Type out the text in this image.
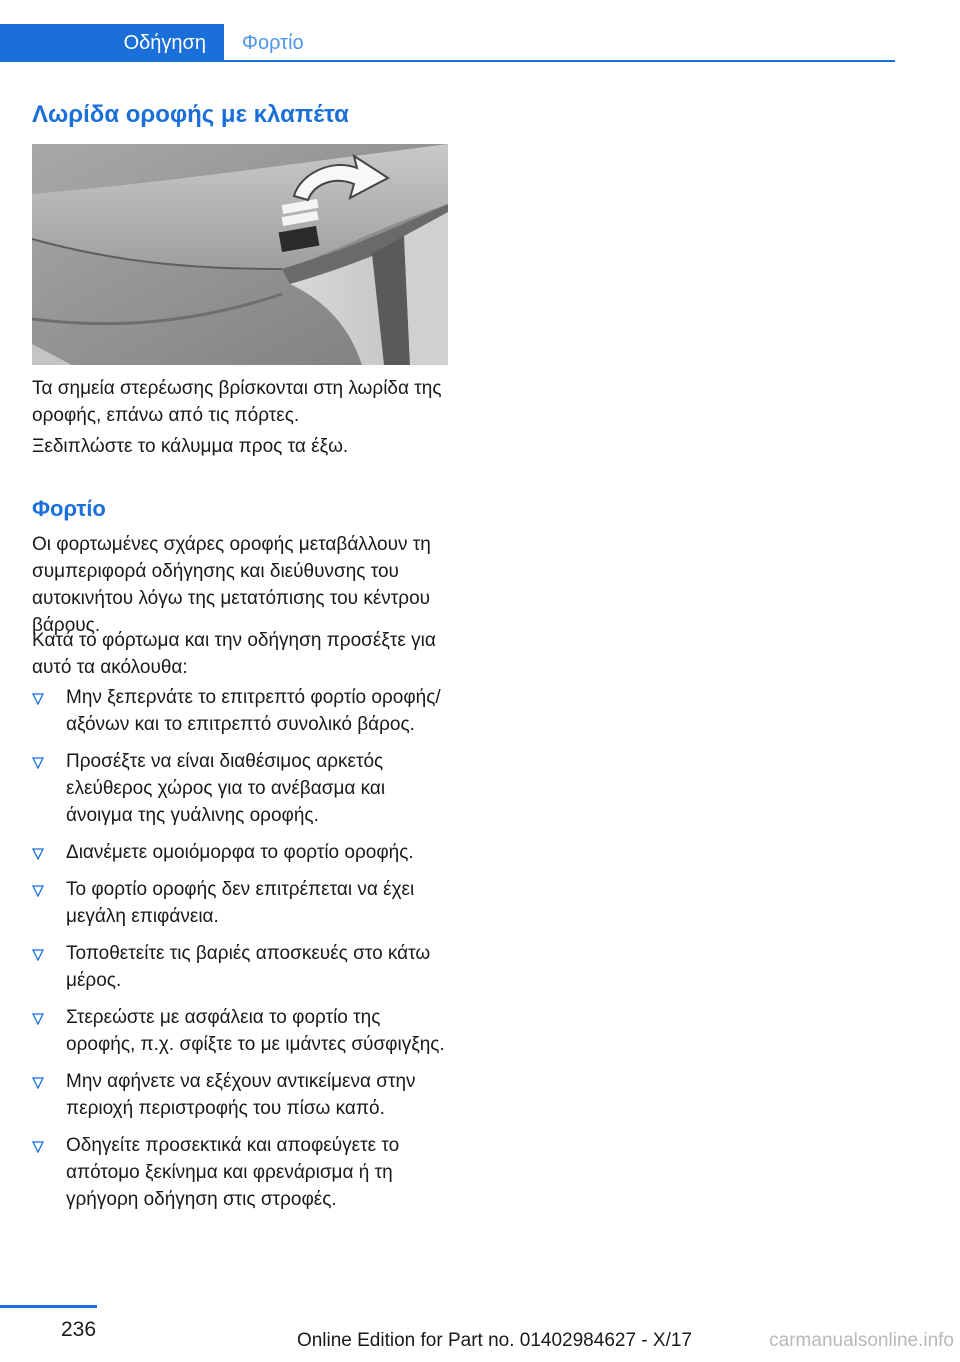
Οδήγηση	Φορτίο
Λωρίδα οροφής με κλαπέτα

Τα σημεία στερέωσης βρίσκονται στη λωρίδα της οροφής, επάνω από τις πόρτες.

Ξεδιπλώστε το κάλυμμα προς τα έξω.

Φορτίο

Οι φορτωμένες σχάρες οροφής μεταβάλλουν τη συμπεριφορά οδήγησης και διεύθυνσης του αυτοκινήτου λόγω της μετατόπισης του κέντρου βάρους.

Κατά το φόρτωμα και την οδήγηση προσέξτε για αυτό τα ακόλουθα:

Μην ξεπερνάτε το επιτρεπτό φορτίο οροφής/αξόνων και το επιτρεπτό συνολικό βάρος.
Προσέξτε να είναι διαθέσιμος αρκετός ελεύθερος χώρος για το ανέβασμα και άνοιγμα της γυάλινης οροφής.
Διανέμετε ομοιόμορφα το φορτίο οροφής.
Το φορτίο οροφής δεν επιτρέπεται να έχει μεγάλη επιφάνεια.
Τοποθετείτε τις βαριές αποσκευές στο κάτω μέρος.
Στερεώστε με ασφάλεια το φορτίο της οροφής, π.χ. σφίξτε το με ιμάντες σύσφιγξης.
Μην αφήνετε να εξέχουν αντικείμενα στην περιοχή περιστροφής του πίσω καπό.
Οδηγείτε προσεκτικά και αποφεύγετε το απότομο ξεκίνημα και φρενάρισμα ή τη γρήγορη οδήγηση στις στροφές.
236	Online Edition for Part no. 01402984627 - X/17	carmanualsonline.info
